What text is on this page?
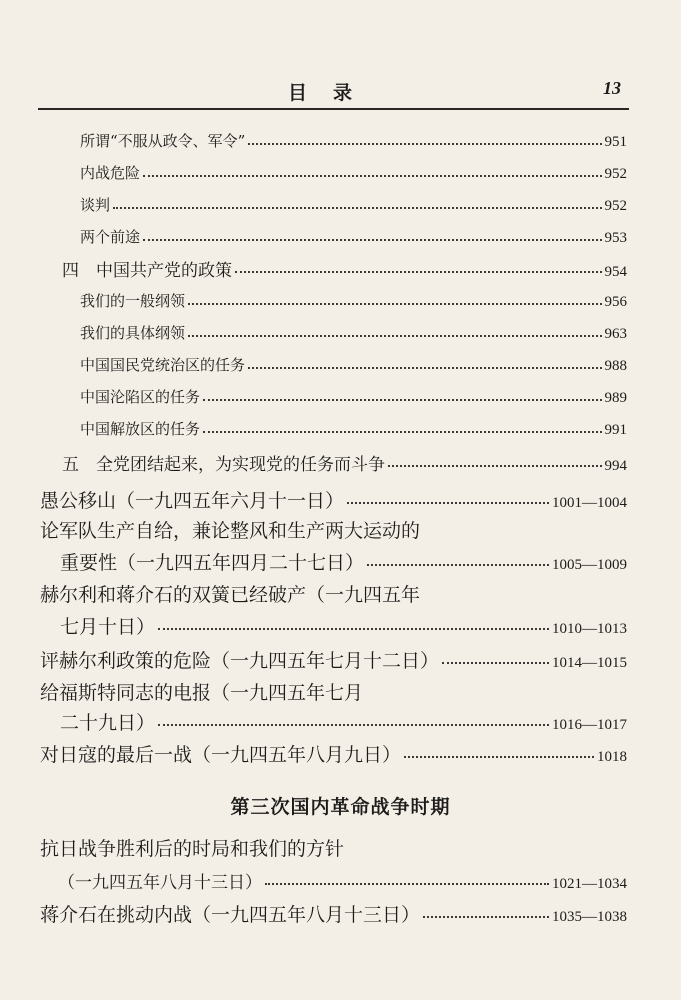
目录	13
所谓“不服从政令、军令”	951
内战危险	952
谈判	952
两个前途	953
四　中国共产党的政策	954
我们的一般纲领	956
我们的具体纲领	963
中国国民党统治区的任务	988
中国沦陷区的任务	989
中国解放区的任务	991
五　全党团结起来，为实现党的任务而斗争	994
愚公移山（一九四五年六月十一日）	1001—1004
论军队生产自给，兼论整风和生产两大运动的
重要性（一九四五年四月二十七日）	1005—1009
赫尔利和蒋介石的双簧已经破产（一九四五年
七月十日）	1010—1013
评赫尔利政策的危险（一九四五年七月十二日）	1014—1015
给福斯特同志的电报（一九四五年七月
二十九日）	1016—1017
对日寇的最后一战（一九四五年八月九日）	1018
第三次国内革命战争时期
抗日战争胜利后的时局和我们的方针
（一九四五年八月十三日）	1021—1034
蒋介石在挑动内战（一九四五年八月十三日）	1035—1038
